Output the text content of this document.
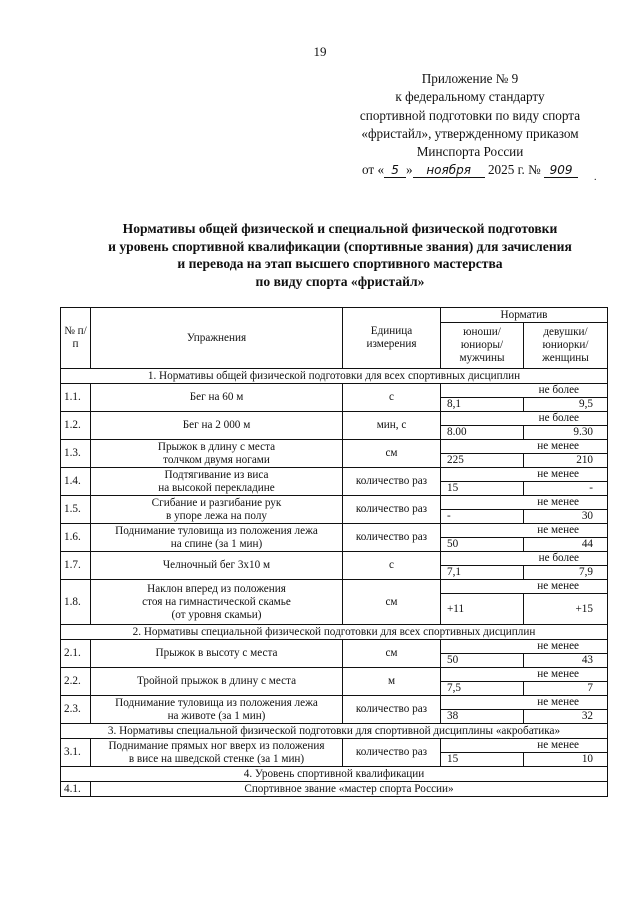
19
Приложение № 9
к федеральному стандарту
спортивной подготовки по виду спорта
«фристайл», утвержденному приказом
Минспорта России
от « 5 » ноября 2025 г. № 909
.
Нормативы общей физической и специальной физической подготовки
и уровень спортивной квалификации (спортивные звания) для зачисления
и перевода на этап высшего спортивного мастерства
по виду спорта «фристайл»
№ п/п	Упражнения	Единица измерения	Норматив	
			юноши/ юниоры/ мужчины	девушки/ юниорки/ женщины
1. Нормативы общей физической подготовки для всех спортивных дисциплин				
1.1.	Бег на 60 м	с	не более	
			8,1	9,5
1.2.	Бег на 2 000 м	мин, с	не более	
			8.00	9.30
1.3.	Прыжок в длину с места
толчком двумя ногами	см	не менее	
			225	210
1.4.	Подтягивание из виса
на высокой перекладине	количество раз	не менее	
			15	-
1.5.	Сгибание и разгибание рук
в упоре лежа на полу	количество раз	не менее	
			-	30
1.6.	Поднимание туловища из положения лежа
на спине (за 1 мин)	количество раз	не менее	
			50	44
1.7.	Челночный бег 3х10 м	с	не более	
			7,1	7,9
1.8.	Наклон вперед из положения
стоя на гимнастической скамье
(от уровня скамьи)	см	не менее	
			+11	+15
2. Нормативы специальной физической подготовки для всех спортивных дисциплин				
2.1.	Прыжок в высоту с места	см	не менее	
			50	43
2.2.	Тройной прыжок в длину с места	м	не менее	
			7,5	7
2.3.	Поднимание туловища из положения лежа
на животе (за 1 мин)	количество раз	не менее	
			38	32
3. Нормативы специальной физической подготовки для спортивной дисциплины «акробатика»				
3.1.	Поднимание прямых ног вверх из положения
в висе на шведской стенке (за 1 мин)	количество раз	не менее	
			15	10
4. Уровень спортивной квалификации				
4.1.	Спортивное звание «мастер спорта России»			
